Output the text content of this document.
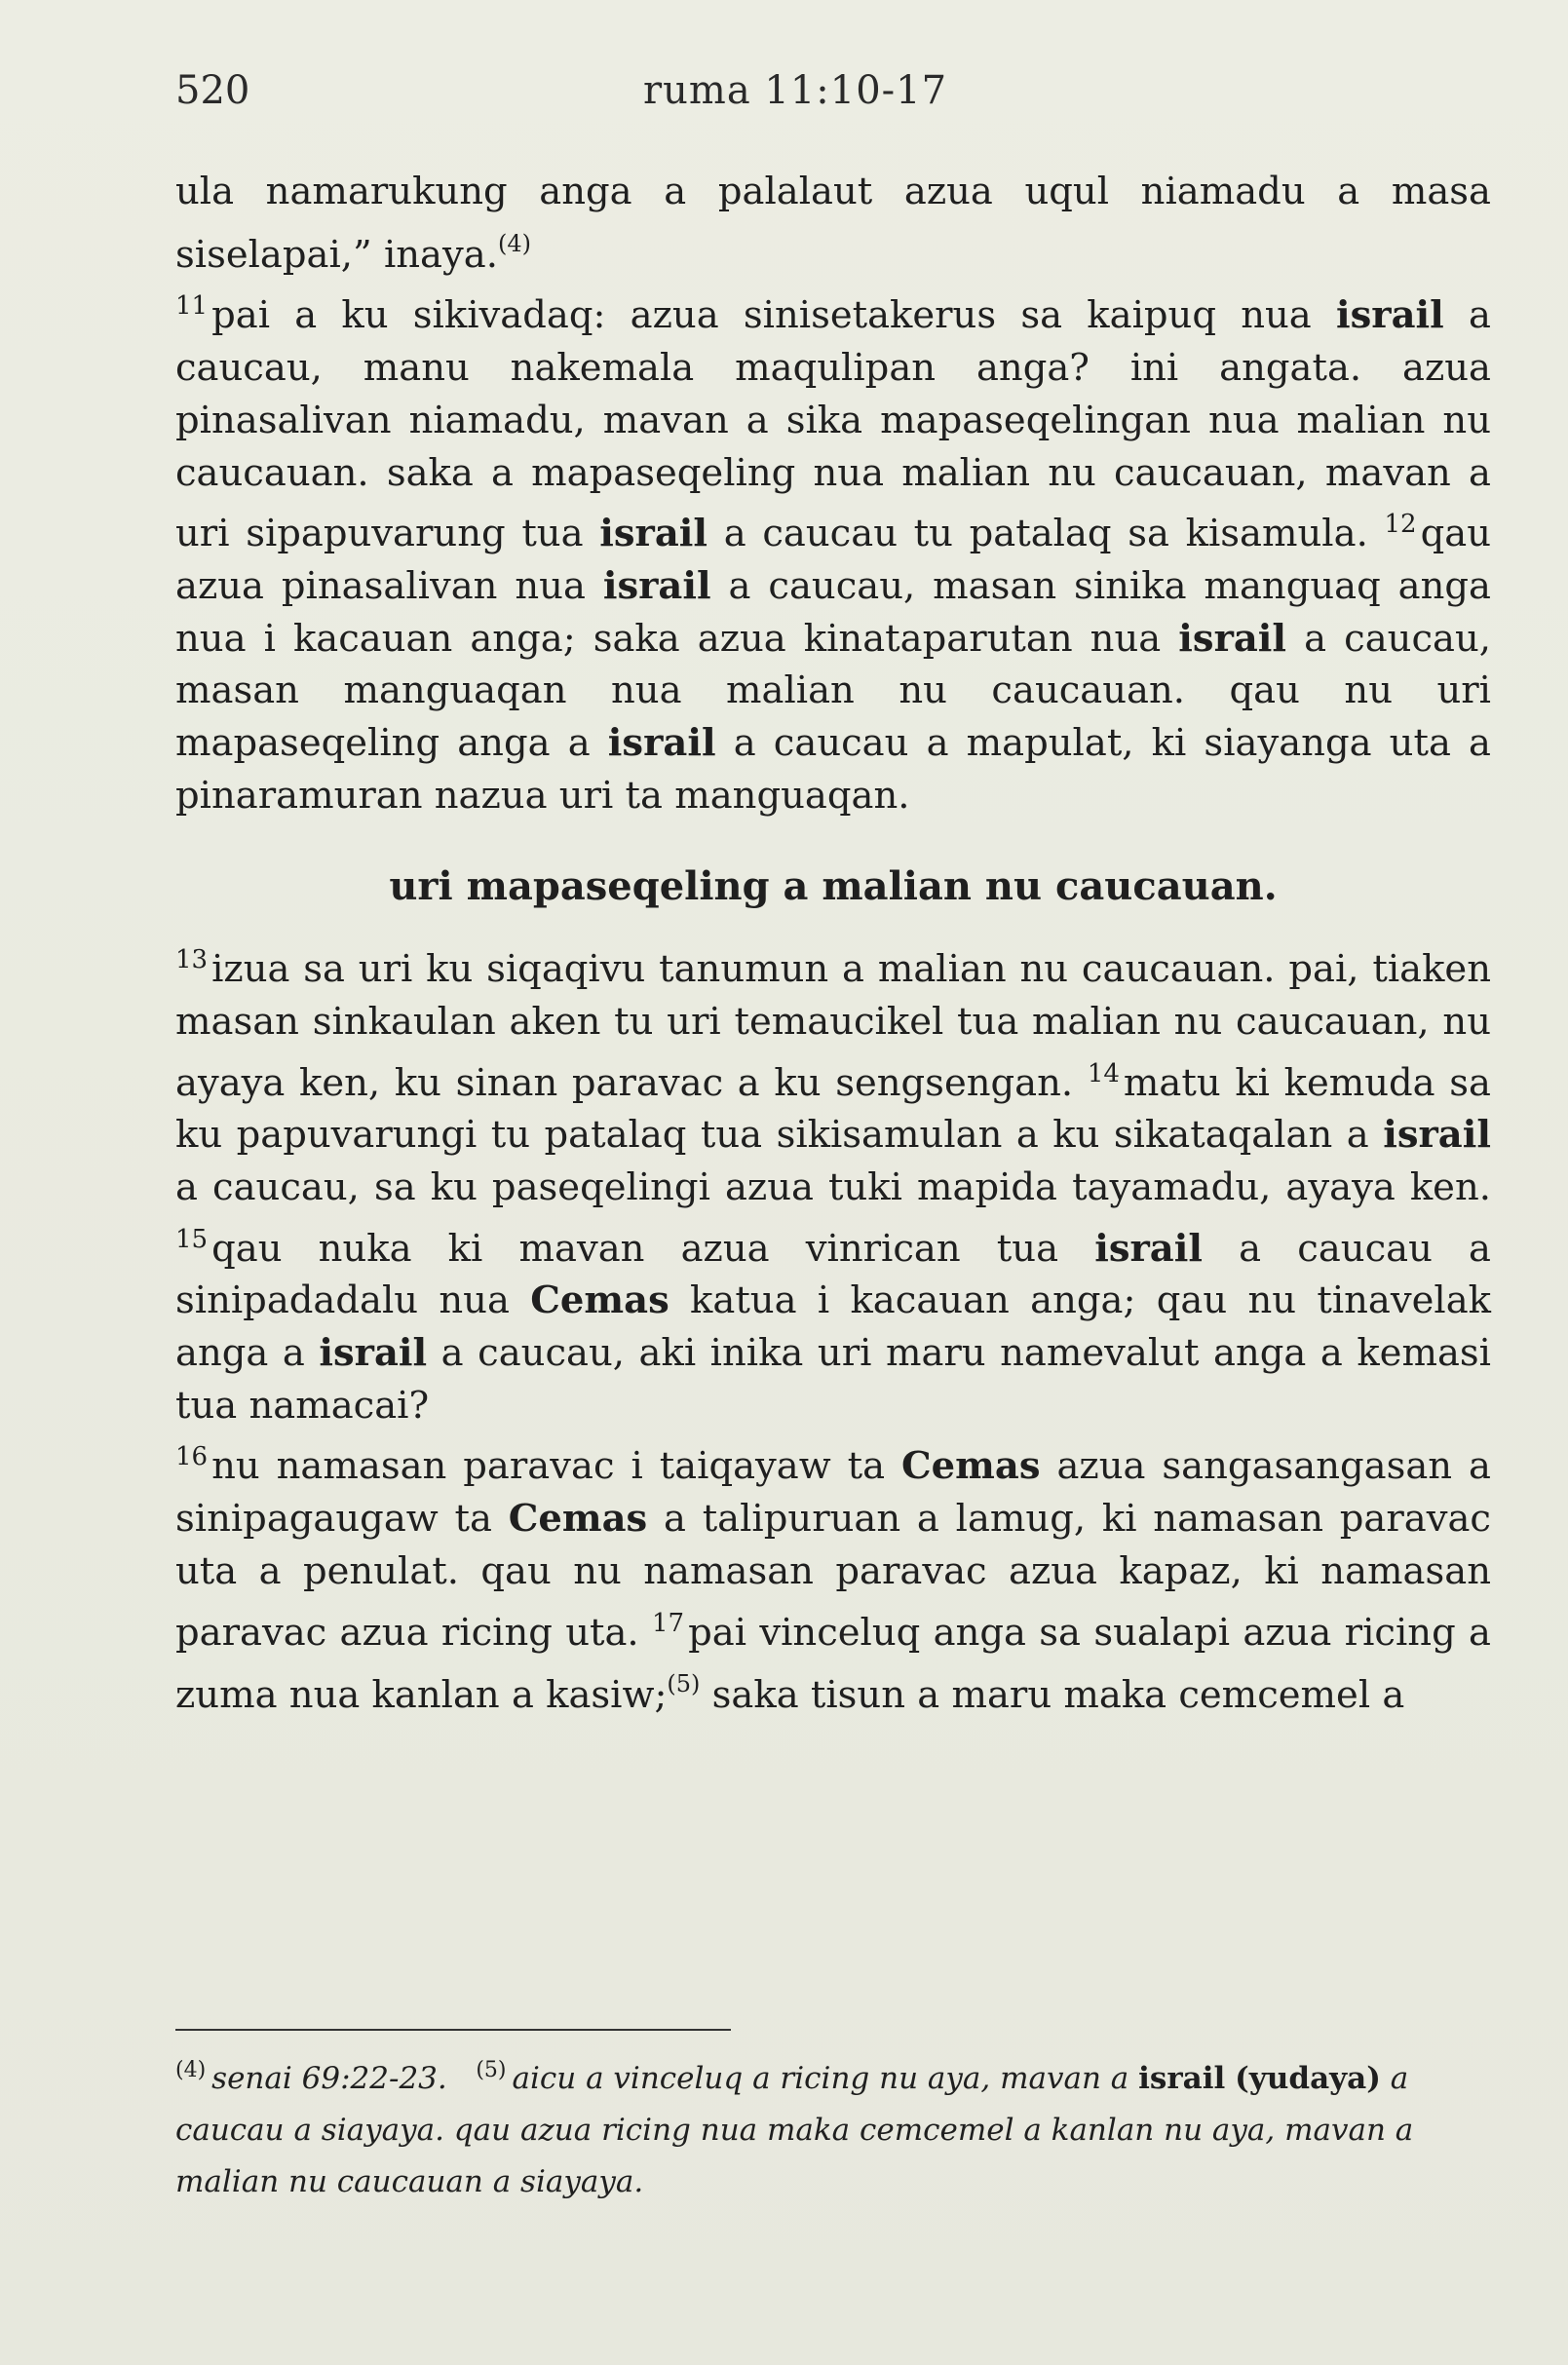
520	ruma 11:10-17

ula namarukung anga a palalaut azua uqul niamadu a masa siselapai,” inaya.$^{(4)}$

$^{11}$ pai a ku sikivadaq: azua sinisetakerus sa kaipuq nua israil a caucau, manu nakemala maqulipan anga? ini angata. azua pinasalivan niamadu, mavan a sika mapaseqelingan nua malian nu caucauan. saka a mapaseqeling nua malian nu caucauan, mavan a uri sipapuvarung tua israil a caucau tu patalaq sa kisamula. $^{12}$ qau azua pinasalivan nua israil a caucau, masan sinika manguaq anga nua i kacauan anga; saka azua kinataparutan nua israil a caucau, masan manguaqan nua malian nu caucauan. qau nu uri mapaseqeling anga a israil a caucau a mapulat, ki siayanga uta a pinaramuran nazua uri ta manguaqan.

uri mapaseqeling a malian nu caucauan.

$^{13}$ izua sa uri ku siqaqivu tanumun a malian nu caucauan. pai, tiaken masan sinkaulan aken tu uri temaucikel tua malian nu caucauan, nu ayaya ken, ku sinan paravac a ku sengsengan. $^{14}$ matu ki kemuda sa ku papuvarungi tu patalaq tua sikisamulan a ku sikataqalan a israil a caucau, sa ku paseqelingi azua tuki mapida tayamadu, ayaya ken. $^{15}$ qau nuka ki mavan azua vinrican tua israil a caucau a sinipadadalu nua Cemas katua i kacauan anga; qau nu tinavelak anga a israil a caucau, aki inika uri maru namevalut anga a kemasi tua namacai?

$^{16}$ nu namasan paravac i taiqayaw ta Cemas azua sangasangasan a sinipagaugaw ta Cemas a talipuruan a lamug, ki namasan paravac uta a penulat. qau nu namasan paravac azua kapaz, ki namasan paravac azua ricing uta. $^{17}$ pai vinceluq anga sa sualapi azua ricing a zuma nua kanlan a kasiw;$^{(5)}$ saka tisun a maru maka cemcemel a

$^{(4)}$ senai 69:22-23. $^{(5)}$ aicu a vinceluq a ricing nu aya, mavan a israil (yudaya) a caucau a siayaya. qau azua ricing nua maka cemcemel a kanlan nu aya, mavan a malian nu caucauan a siayaya.
